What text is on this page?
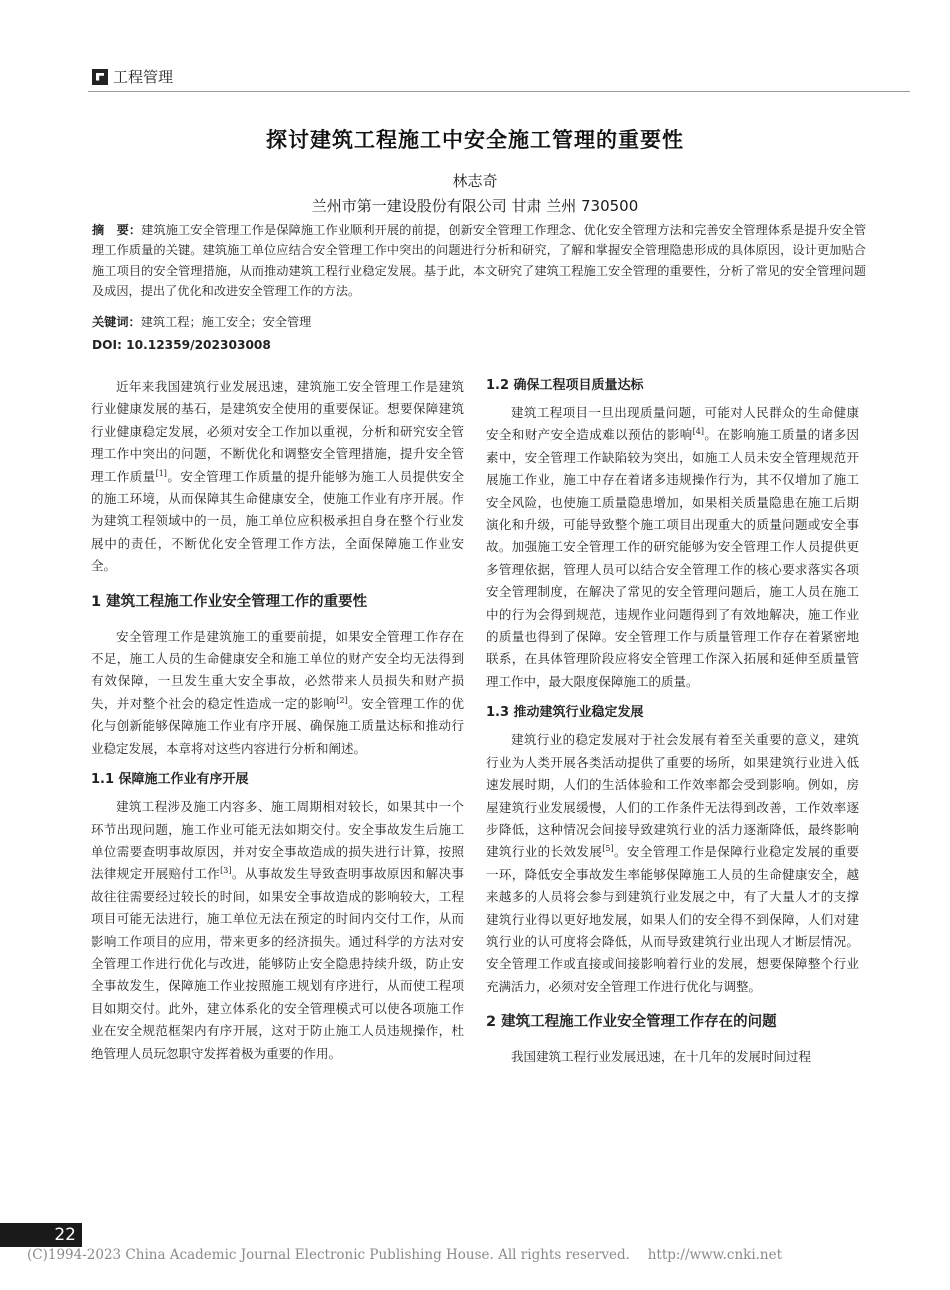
工程管理
探讨建筑工程施工中安全施工管理的重要性
林志奇
兰州市第一建设股份有限公司 甘肃 兰州 730500
摘　要：建筑施工安全管理工作是保障施工作业顺利开展的前提，创新安全管理工作理念、优化安全管理方法和完善安全管理体系是提升安全管理工作质量的关键。建筑施工单位应结合安全管理工作中突出的问题进行分析和研究，了解和掌握安全管理隐患形成的具体原因，设计更加贴合施工项目的安全管理措施，从而推动建筑工程行业稳定发展。基于此，本文研究了建筑工程施工安全管理的重要性，分析了常见的安全管理问题及成因，提出了优化和改进安全管理工作的方法。
关键词：建筑工程；施工安全；安全管理
DOI: 10.12359/202303008

近年来我国建筑行业发展迅速，建筑施工安全管理工作是建筑行业健康发展的基石，是建筑安全使用的重要保证。想要保障建筑行业健康稳定发展，必须对安全工作加以重视，分析和研究安全管理工作中突出的问题，不断优化和调整安全管理措施，提升安全管理工作质量[1]。安全管理工作质量的提升能够为施工人员提供安全的施工环境，从而保障其生命健康安全，使施工作业有序开展。作为建筑工程领域中的一员，施工单位应积极承担自身在整个行业发展中的责任，不断优化安全管理工作方法，全面保障施工作业安全。

1 建筑工程施工作业安全管理工作的重要性

安全管理工作是建筑施工的重要前提，如果安全管理工作存在不足，施工人员的生命健康安全和施工单位的财产安全均无法得到有效保障，一旦发生重大安全事故，必然带来人员损失和财产损失，并对整个社会的稳定性造成一定的影响[2]。安全管理工作的优化与创新能够保障施工作业有序开展、确保施工质量达标和推动行业稳定发展，本章将对这些内容进行分析和阐述。

1.1 保障施工作业有序开展

建筑工程涉及施工内容多、施工周期相对较长，如果其中一个环节出现问题，施工作业可能无法如期交付。安全事故发生后施工单位需要查明事故原因，并对安全事故造成的损失进行计算，按照法律规定开展赔付工作[3]。从事故发生导致查明事故原因和解决事故往往需要经过较长的时间，如果安全事故造成的影响较大，工程项目可能无法进行，施工单位无法在预定的时间内交付工作，从而影响工作项目的应用，带来更多的经济损失。通过科学的方法对安全管理工作进行优化与改进，能够防止安全隐患持续升级，防止安全事故发生，保障施工作业按照施工规划有序进行，从而使工程项目如期交付。此外，建立体系化的安全管理模式可以使各项施工作业在安全规范框架内有序开展，这对于防止施工人员违规操作，杜绝管理人员玩忽职守发挥着极为重要的作用。

1.2 确保工程项目质量达标

建筑工程项目一旦出现质量问题，可能对人民群众的生命健康安全和财产安全造成难以预估的影响[4]。在影响施工质量的诸多因素中，安全管理工作缺陷较为突出，如施工人员未安全管理规范开展施工作业，施工中存在着诸多违规操作行为，其不仅增加了施工安全风险，也使施工质量隐患增加，如果相关质量隐患在施工后期演化和升级，可能导致整个施工项目出现重大的质量问题或安全事故。加强施工安全管理工作的研究能够为安全管理工作人员提供更多管理依据，管理人员可以结合安全管理工作的核心要求落实各项安全管理制度，在解决了常见的安全管理问题后，施工人员在施工中的行为会得到规范，违规作业问题得到了有效地解决，施工作业的质量也得到了保障。安全管理工作与质量管理工作存在着紧密地联系，在具体管理阶段应将安全管理工作深入拓展和延伸至质量管理工作中，最大限度保障施工的质量。

1.3 推动建筑行业稳定发展

建筑行业的稳定发展对于社会发展有着至关重要的意义，建筑行业为人类开展各类活动提供了重要的场所，如果建筑行业进入低速发展时期，人们的生活体验和工作效率都会受到影响。例如，房屋建筑行业发展缓慢，人们的工作条件无法得到改善，工作效率逐步降低，这种情况会间接导致建筑行业的活力逐渐降低，最终影响建筑行业的长效发展[5]。安全管理工作是保障行业稳定发展的重要一环，降低安全事故发生率能够保障施工人员的生命健康安全，越来越多的人员将会参与到建筑行业发展之中，有了大量人才的支撑建筑行业得以更好地发展，如果人们的安全得不到保障，人们对建筑行业的认可度将会降低，从而导致建筑行业出现人才断层情况。安全管理工作或直接或间接影响着行业的发展，想要保障整个行业充满活力，必须对安全管理工作进行优化与调整。

2 建筑工程施工作业安全管理工作存在的问题

我国建筑工程行业发展迅速，在十几年的发展时间过程

22
(C)1994-2023 China Academic Journal Electronic Publishing House. All rights reserved.　 http://www.cnki.net
